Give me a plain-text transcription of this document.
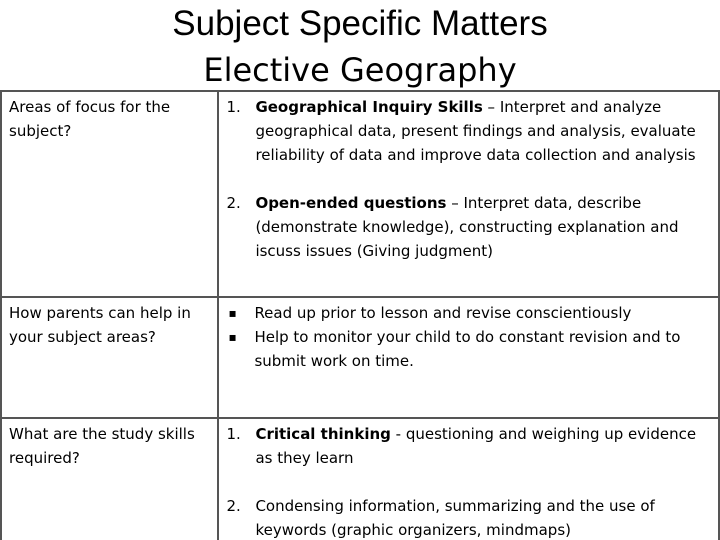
Subject Specific Matters
Elective Geography
Areas of focus for the subject?	1. Geographical Inquiry Skills – Interpret and analyze geographical data, present findings and analysis, evaluate reliability of data and improve data collection and analysis
2. Open-ended questions – Interpret data, describe (demonstrate knowledge), constructing explanation and iscuss issues (Giving judgment)

How parents can help in your subject areas?	▪ Read up prior to lesson and revise conscientiously
▪ Help to monitor your child to do constant revision and to submit work on time.

What are the study skills required?	1. Critical thinking - questioning and weighing up evidence as they learn
2. Condensing information, summarizing and the use of keywords (graphic organizers, mindmaps)
